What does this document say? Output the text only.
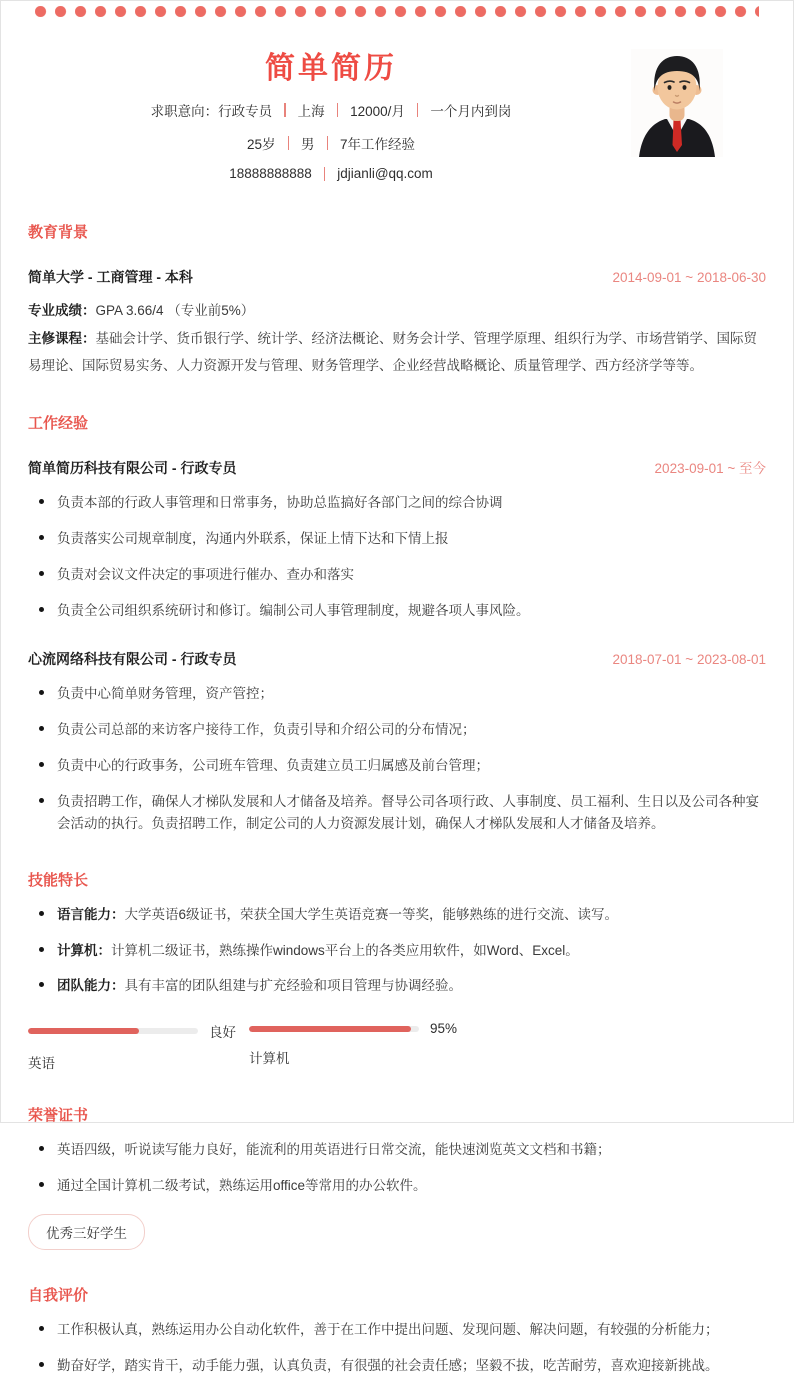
简单简历
求职意向： 行政专员 上海 12000/月 一个月内到岗
25岁 男 7年工作经验
18888888888 jdjianli@qq.com
教育背景
简单大学 - 工商管理 - 本科	2014-09-01 ~ 2018-06-30
专业成绩：GPA 3.66/4 （专业前5%）
主修课程：基础会计学、货币银行学、统计学、经济法概论、财务会计学、管理学原理、组织行为学、市场营销学、国际贸易理论、国际贸易实务、人力资源开发与管理、财务管理学、企业经营战略概论、质量管理学、西方经济学等等。
工作经验
简单简历科技有限公司 - 行政专员	2023-09-01 ~ 至今
负责本部的行政人事管理和日常事务，协助总监搞好各部门之间的综合协调
负责落实公司规章制度，沟通内外联系，保证上情下达和下情上报
负责对会议文件决定的事项进行催办、查办和落实
负责全公司组织系统研讨和修订。编制公司人事管理制度，规避各项人事风险。
心流网络科技有限公司 - 行政专员	2018-07-01 ~ 2023-08-01
负责中心简单财务管理，资产管控；
负责公司总部的来访客户接待工作，负责引导和介绍公司的分布情况；
负责中心的行政事务，公司班车管理、负责建立员工归属感及前台管理；
负责招聘工作，确保人才梯队发展和人才储备及培养。督导公司各项行政、人事制度、员工福利、生日以及公司各种宴会活动的执行。负责招聘工作，制定公司的人力资源发展计划，确保人才梯队发展和人才储备及培养。
技能特长
语言能力：大学英语6级证书，荣获全国大学生英语竞赛一等奖，能够熟练的进行交流、读写。
计算机：计算机二级证书，熟练操作windows平台上的各类应用软件，如Word、Excel。
团队能力：具有丰富的团队组建与扩充经验和项目管理与协调经验。
良好
英语
95%
计算机
荣誉证书
英语四级，听说读写能力良好，能流利的用英语进行日常交流，能快速浏览英文文档和书籍；
通过全国计算机二级考试，熟练运用office等常用的办公软件。
优秀三好学生
自我评价
工作积极认真，熟练运用办公自动化软件，善于在工作中提出问题、发现问题、解决问题，有较强的分析能力；
勤奋好学，踏实肯干，动手能力强，认真负责，有很强的社会责任感；坚毅不拔，吃苦耐劳，喜欢迎接新挑战。
